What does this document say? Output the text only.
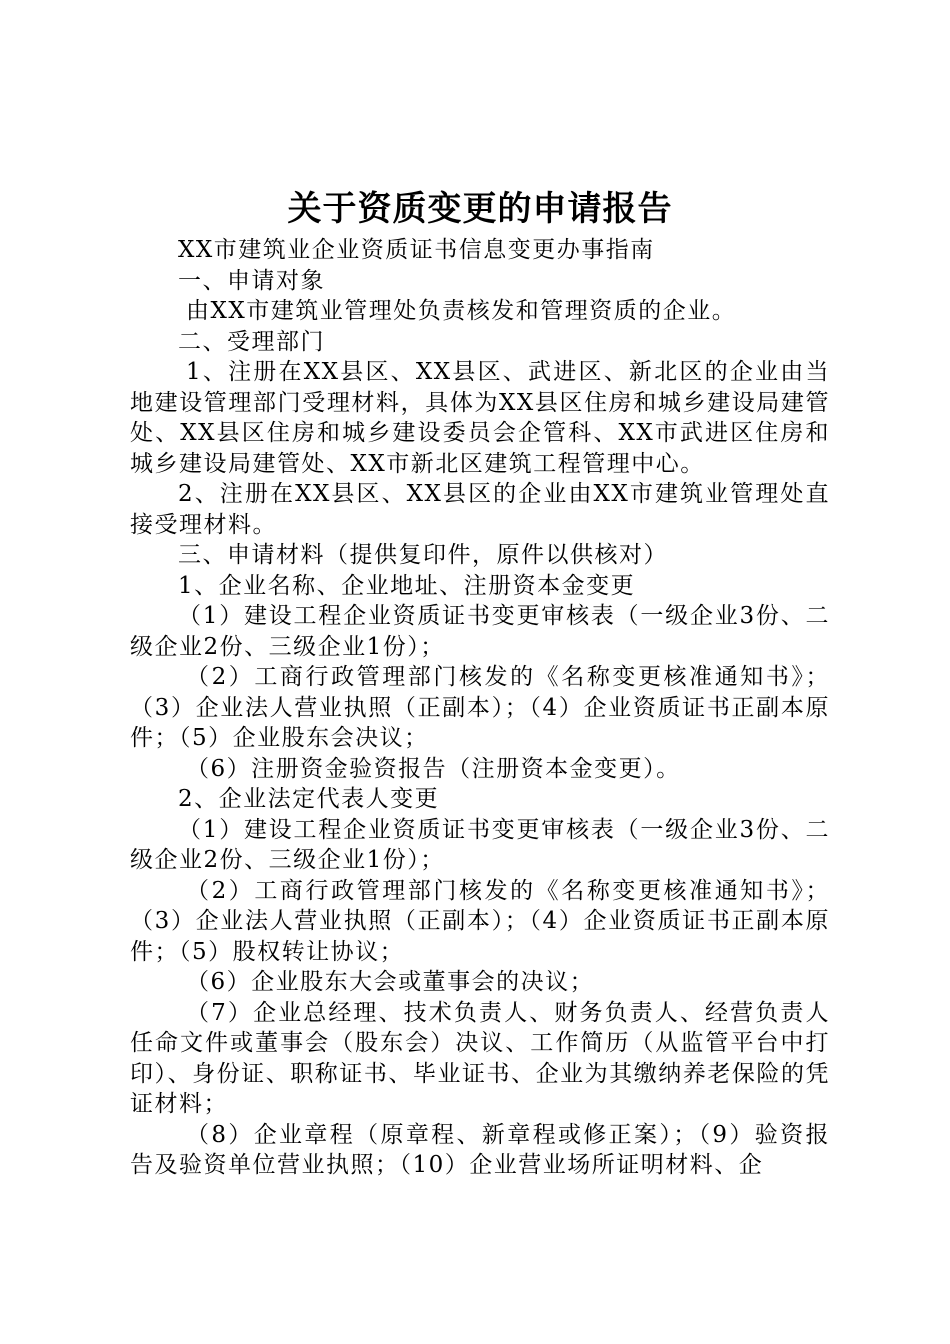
关于资质变更的申请报告

XX市建筑业企业资质证书信息变更办事指南

一、申请对象

由XX市建筑业管理处负责核发和管理资质的企业。

二、受理部门

1、注册在XX县区、XX县区、武进区、新北区的企业由当地建设管理部门受理材料，具体为XX县区住房和城乡建设局建管处、XX县区住房和城乡建设委员会企管科、XX市武进区住房和城乡建设局建管处、XX市新北区建筑工程管理中心。

2、注册在XX县区、XX县区的企业由XX市建筑业管理处直接受理材料。

三、申请材料（提供复印件，原件以供核对）

1、企业名称、企业地址、注册资本金变更

（1）建设工程企业资质证书变更审核表（一级企业3份、二级企业2份、三级企业1份）；

（2）工商行政管理部门核发的《名称变更核准通知书》；（3）企业法人营业执照（正副本）；（4）企业资质证书正副本原件；（5）企业股东会决议；

（6）注册资金验资报告（注册资本金变更）。

2、企业法定代表人变更

（1）建设工程企业资质证书变更审核表（一级企业3份、二级企业2份、三级企业1份）；

（2）工商行政管理部门核发的《名称变更核准通知书》；（3）企业法人营业执照（正副本）；（4）企业资质证书正副本原件；（5）股权转让协议；

（6）企业股东大会或董事会的决议；

（7）企业总经理、技术负责人、财务负责人、经营负责人任命文件或董事会（股东会）决议、工作简历（从监管平台中打印）、身份证、职称证书、毕业证书、企业为其缴纳养老保险的凭证材料；

（8）企业章程（原章程、新章程或修正案）；（9）验资报告及验资单位营业执照；（10）企业营业场所证明材料、企
